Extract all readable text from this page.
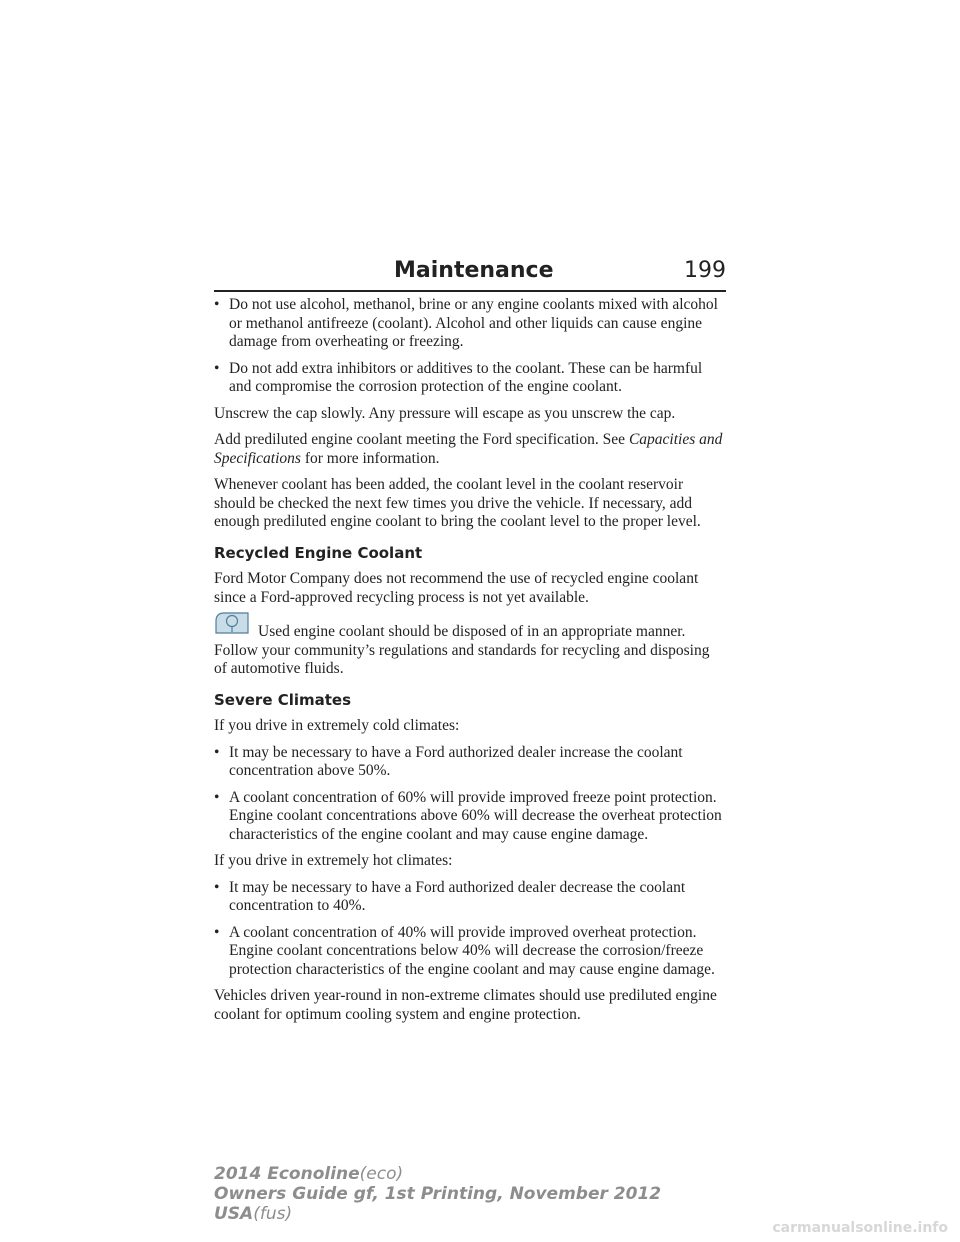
Maintenance	199
• Do not use alcohol, methanol, brine or any engine coolants mixed with alcohol or methanol antifreeze (coolant). Alcohol and other liquids can cause engine damage from overheating or freezing.
• Do not add extra inhibitors or additives to the coolant. These can be harmful and compromise the corrosion protection of the engine coolant.

Unscrew the cap slowly. Any pressure will escape as you unscrew the cap.

Add prediluted engine coolant meeting the Ford specification. See Capacities and Specifications for more information.

Whenever coolant has been added, the coolant level in the coolant reservoir should be checked the next few times you drive the vehicle. If necessary, add enough prediluted engine coolant to bring the coolant level to the proper level.

Recycled Engine Coolant

Ford Motor Company does not recommend the use of recycled engine coolant since a Ford-approved recycling process is not yet available.

Used engine coolant should be disposed of in an appropriate manner. Follow your community’s regulations and standards for recycling and disposing of automotive fluids.

Severe Climates

If you drive in extremely cold climates:

• It may be necessary to have a Ford authorized dealer increase the coolant concentration above 50%.
• A coolant concentration of 60% will provide improved freeze point protection. Engine coolant concentrations above 60% will decrease the overheat protection characteristics of the engine coolant and may cause engine damage.

If you drive in extremely hot climates:

• It may be necessary to have a Ford authorized dealer decrease the coolant concentration to 40%.
• A coolant concentration of 40% will provide improved overheat protection. Engine coolant concentrations below 40% will decrease the corrosion/freeze protection characteristics of the engine coolant and may cause engine damage.

Vehicles driven year-round in non-extreme climates should use prediluted engine coolant for optimum cooling system and engine protection.

2014 Econoline(eco)
Owners Guide gf, 1st Printing, November 2012
USA(fus)
carmanualsonline.info
